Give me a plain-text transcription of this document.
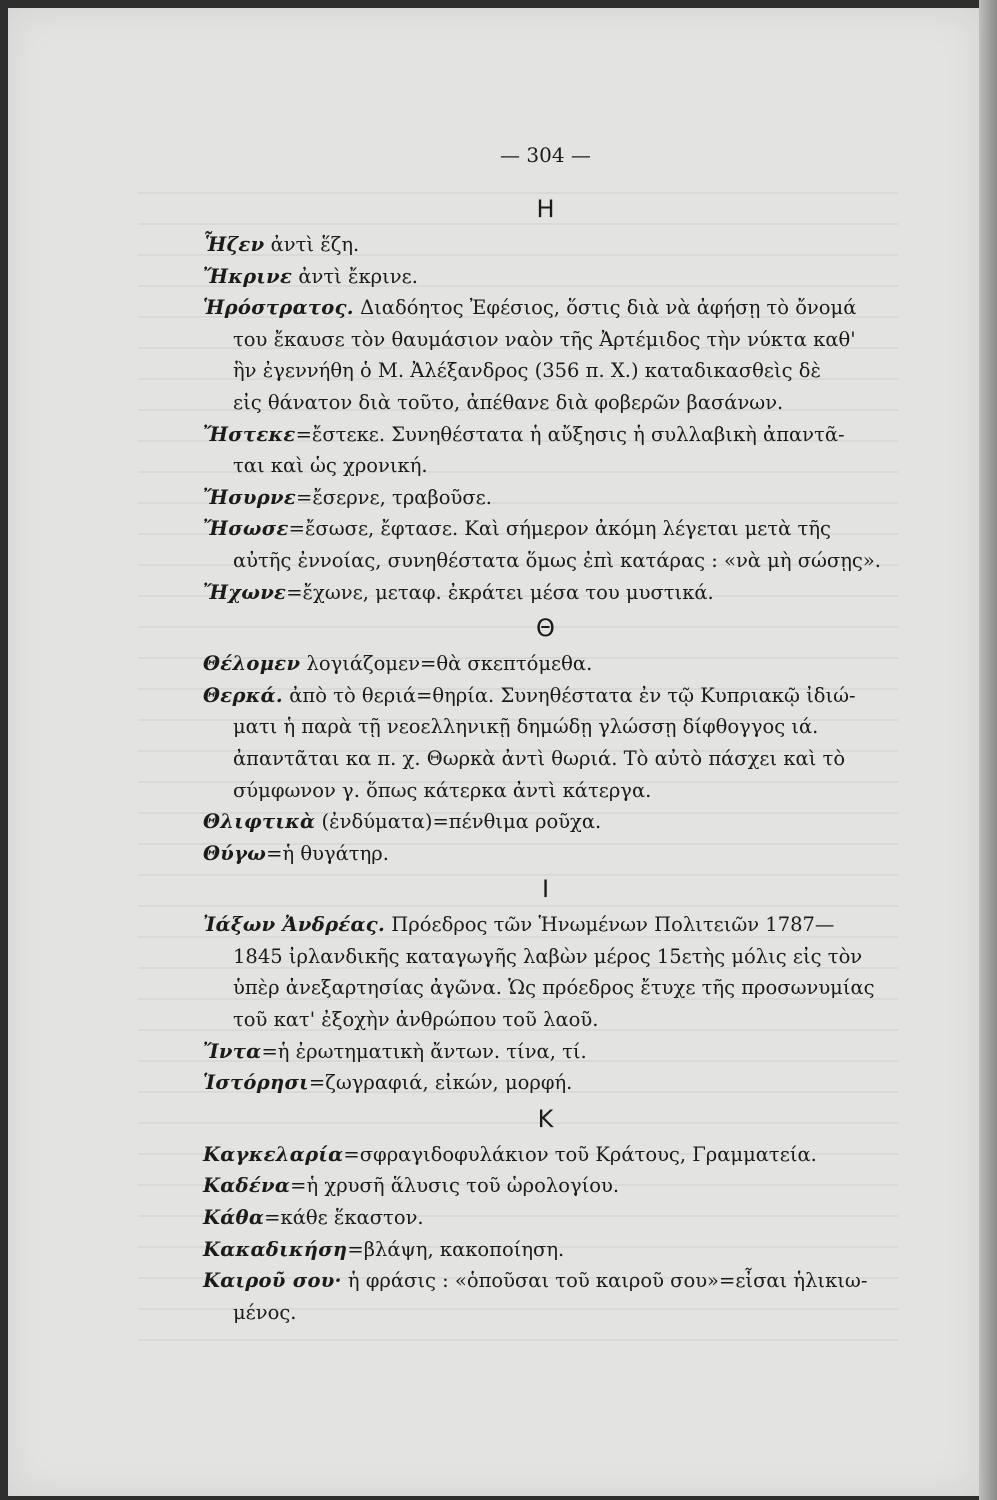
— 304 —
Η
Ἧζεν ἀντὶ ἕζη.
Ἤκρινε ἀντὶ ἔκρινε.
Ἡρόστρατος. Διαδόητος Ἐφέσιος, ὅστις διὰ νὰ ἀφήσῃ τὸ ὄνομά
του ἔκαυσε τὸν θαυμάσιον ναὸν τῆς Ἀρτέμιδος τὴν νύκτα καθ'
ἣν ἐγεννήθη ὁ Μ. Ἀλέξανδρος (356 π. Χ.) καταδικασθεὶς δὲ
εἰς θάνατον διὰ τοῦτο, ἀπέθανε διὰ φοβερῶν βασάνων.
Ἤστεκε=ἔστεκε. Συνηθέστατα ἡ αὔξησις ἡ συλλαβικὴ ἀπαντᾶ-
ται καὶ ὡς χρονική.
Ἤσυρνε=ἔσερνε, τραβοῦσε.
Ἤσωσε=ἔσωσε, ἔφτασε. Καὶ σήμερον ἀκόμη λέγεται μετὰ τῆς
αὐτῆς ἐννοίας, συνηθέστατα ὅμως ἐπὶ κατάρας : «νὰ μὴ σώσῃς».
Ἤχωνε=ἔχωνε, μεταφ. ἐκράτει μέσα του μυστικά.
Θ
Θέλομεν λογιάζομεν=θὰ σκεπτόμεθα.
Θερκά. ἀπὸ τὸ θεριά=θηρία. Συνηθέστατα ἐν τῷ Κυπριακῷ ἰδιώ-
ματι ἡ παρὰ τῇ νεοελληνικῇ δημώδῃ γλώσσῃ δίφθογγος ιά.
ἀπαντᾶται κα π. χ. Θωρκὰ ἀντὶ θωριά. Τὸ αὐτὸ πάσχει καὶ τὸ
σύμφωνον γ. ὅπως κάτερκα ἀντὶ κάτεργα.
Θλιφτικὰ (ἐνδύματα)=πένθιμα ροῦχα.
Θύγω=ἡ θυγάτηρ.
Ι
Ἰάξων Ἀνδρέας. Πρόεδρος τῶν Ἡνωμένων Πολιτειῶν 1787—
1845 ἰρλανδικῆς καταγωγῆς λαβὼν μέρος 15ετὴς μόλις εἰς τὸν
ὑπὲρ ἀνεξαρτησίας ἀγῶνα. Ὡς πρόεδρος ἔτυχε τῆς προσωνυμίας
τοῦ κατ' ἐξοχὴν ἀνθρώπου τοῦ λαοῦ.
Ἴντα=ἡ ἐρωτηματικὴ ἄντων. τίνα, τί.
Ἱστόρησι=ζωγραφιά, εἰκών, μορφή.
Κ
Καγκελαρία=σφραγιδοφυλάκιον τοῦ Κράτους, Γραμματεία.
Καδένα=ἡ χρυσῆ ἅλυσις τοῦ ὡρολογίου.
Κάθα=κάθε ἕκαστον.
Κακαδικήση=βλάψη, κακοποίηση.
Καιροῦ σου· ἡ φράσις : «ὁποῦσαι τοῦ καιροῦ σου»=εἶσαι ἡλικιω-
μένος.
